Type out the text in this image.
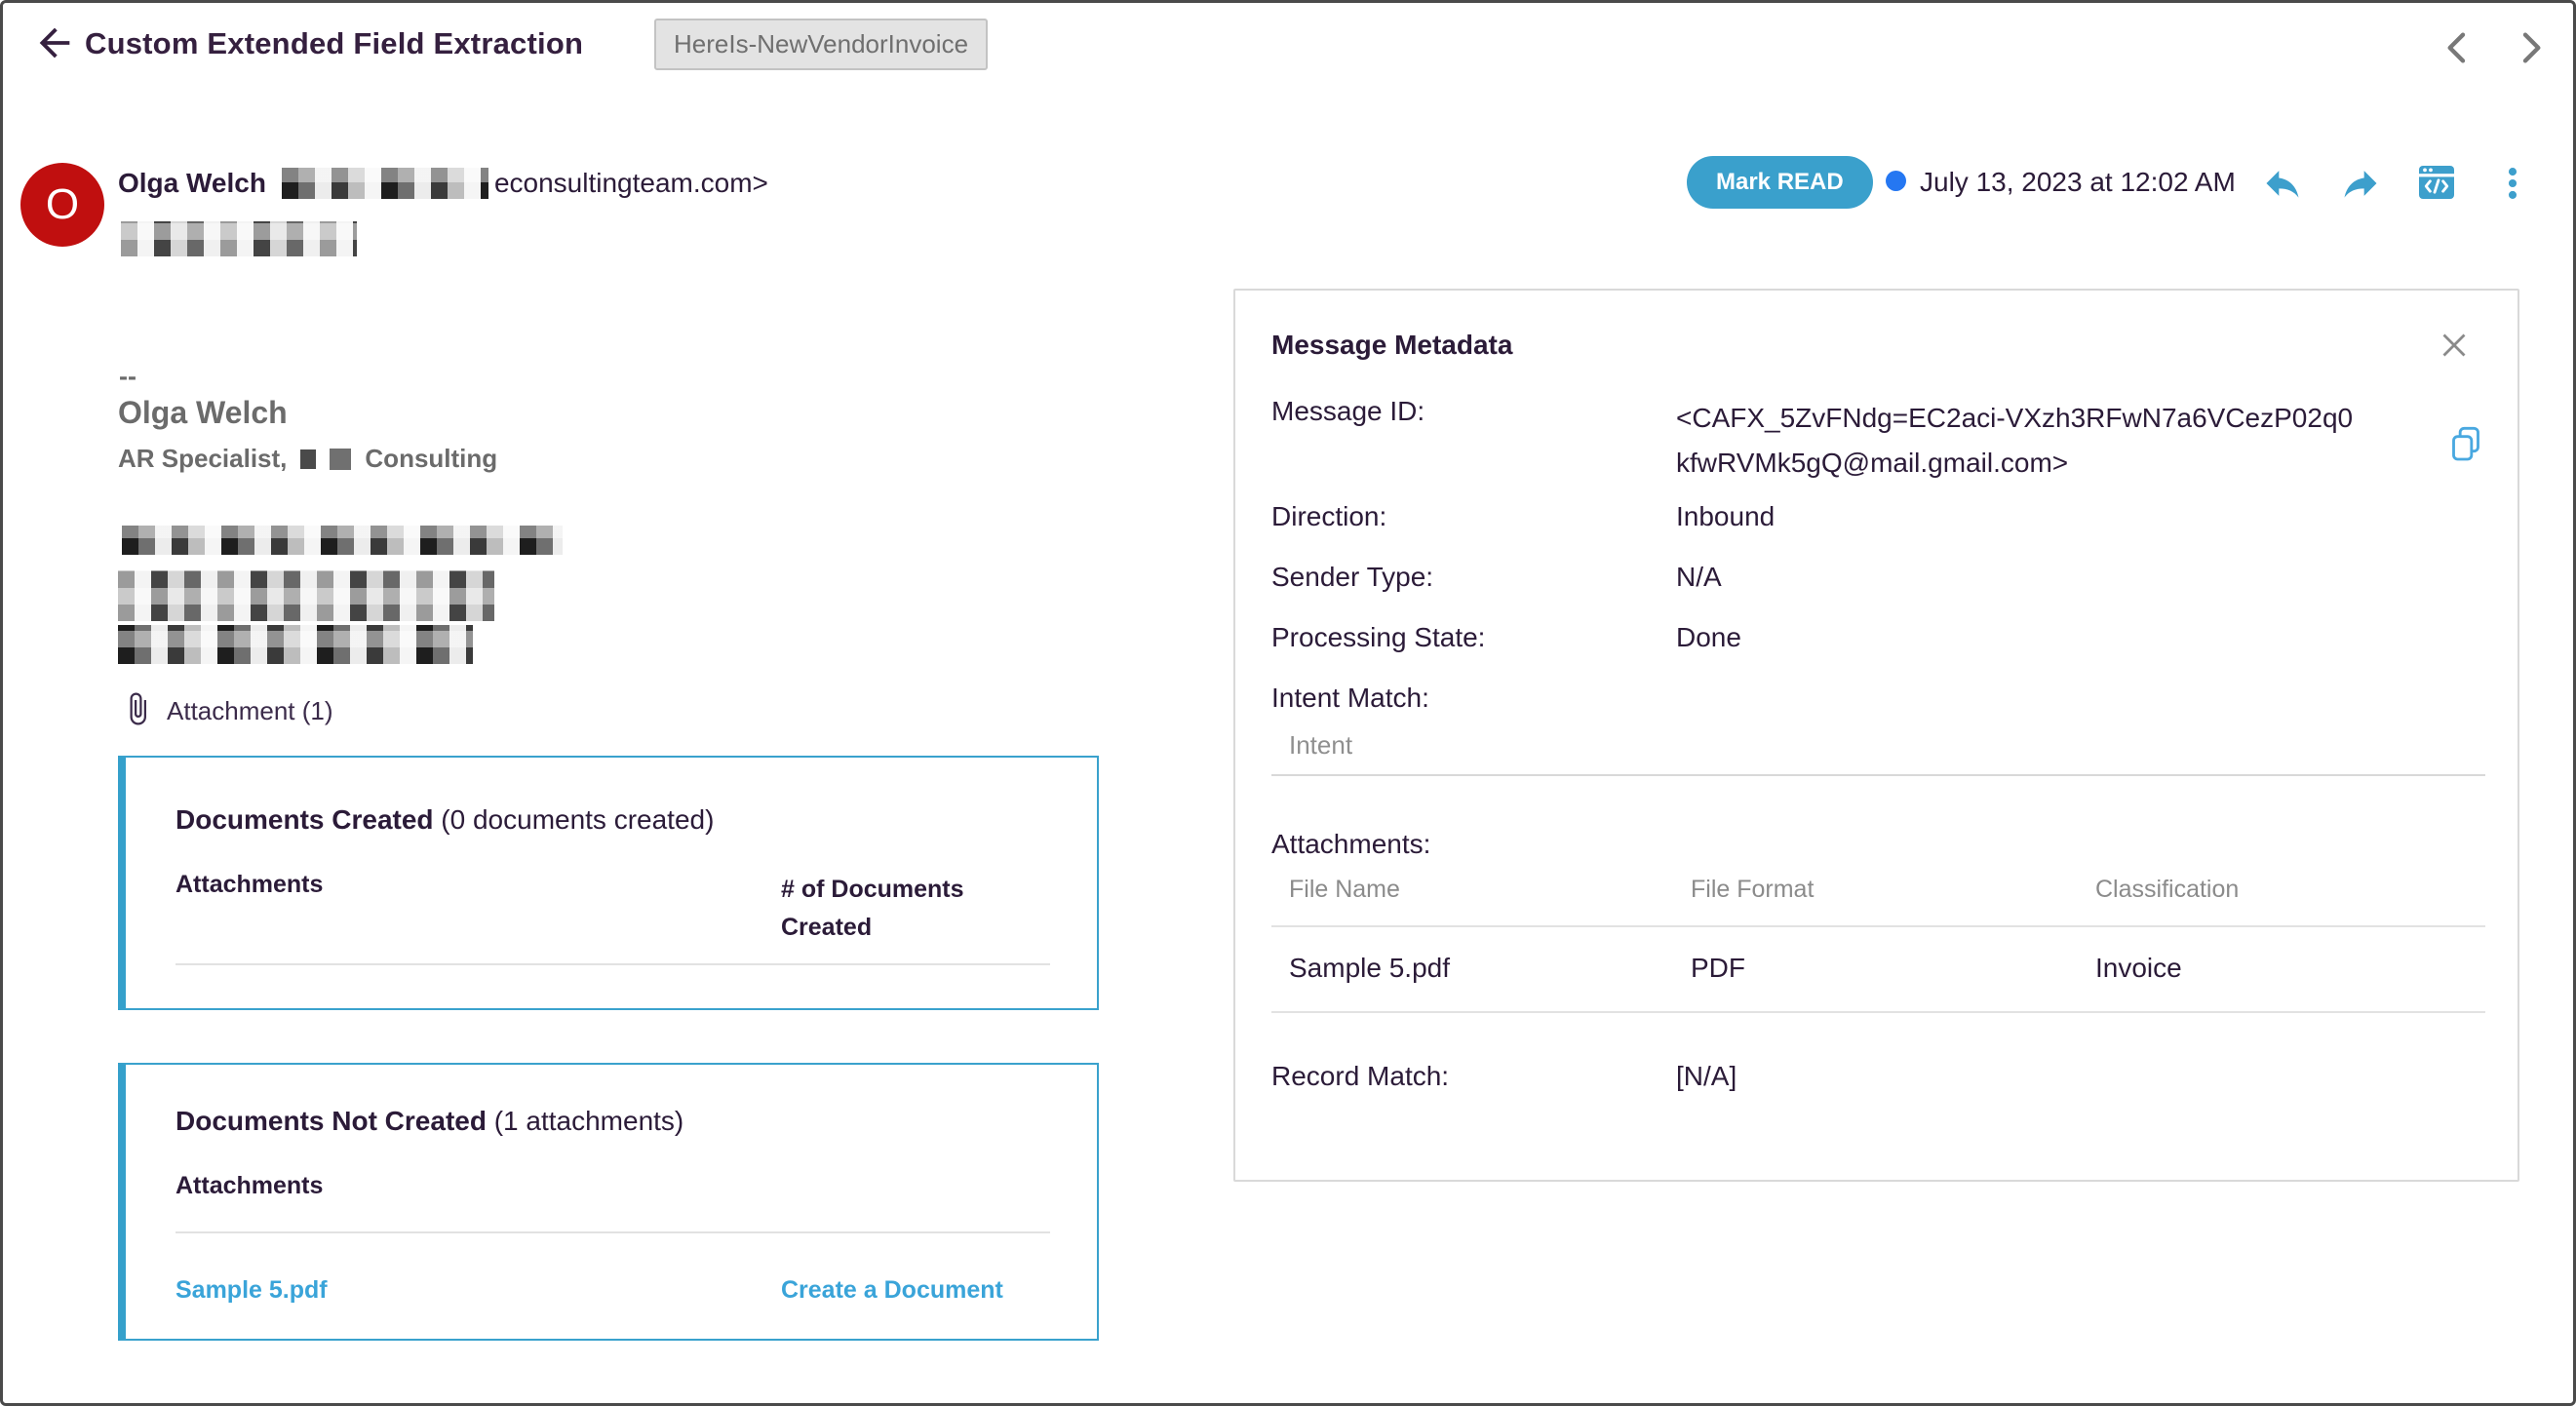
Custom Extended Field Extraction	HereIs-NewVendorInvoice
O	Olga Welch	econsultingteam.com>	Mark READ	July 13, 2023 at 12:02 AM
--
Olga Welch
AR Specialist,	Consulting
Attachment (1)
Documents Created (0 documents created)
Attachments	# of Documents Created
Documents Not Created (1 attachments)
Attachments
Sample 5.pdf	Create a Document
Message Metadata
Message ID:	<CAFX_5ZvFNdg=EC2aci-VXzh3RFwN7a6VCezP02q0
kfwRVMk5gQ@mail.gmail.com>
Direction:	Inbound
Sender Type:	N/A
Processing State:	Done
Intent Match:
Intent
Attachments:
File Name	File Format	Classification
Sample 5.pdf	PDF	Invoice
Record Match:	[N/A]
